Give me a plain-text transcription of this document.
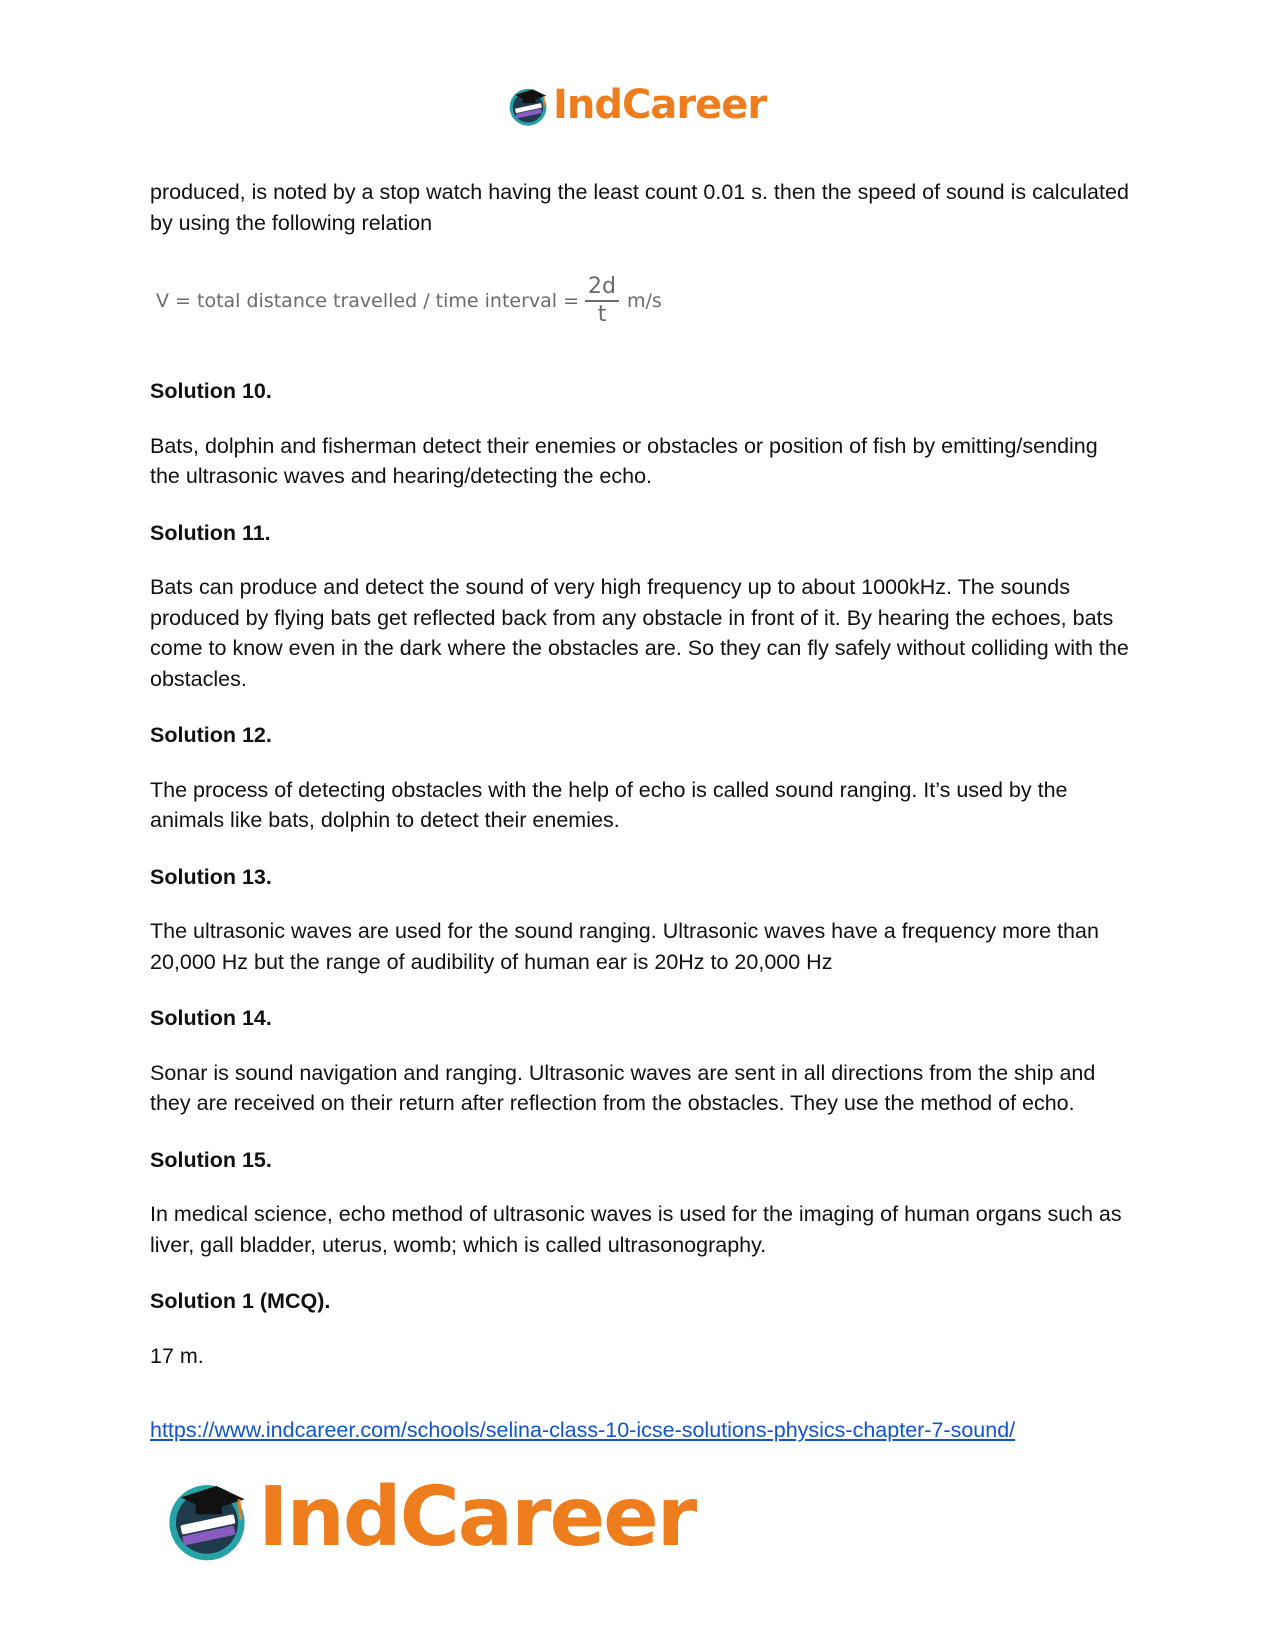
IndCareer

produced, is noted by a stop watch having the least count 0.01 s. then the speed of sound is calculated by using the following relation

V = total distance travelled / time interval = $\frac{2d}{t} m/s$

Solution 10.

Bats, dolphin and fisherman detect their enemies or obstacles or position of fish by emitting/sending the ultrasonic waves and hearing/detecting the echo.

Solution 11.

Bats can produce and detect the sound of very high frequency up to about 1000kHz. The sounds produced by flying bats get reflected back from any obstacle in front of it. By hearing the echoes, bats come to know even in the dark where the obstacles are. So they can fly safely without colliding with the obstacles.

Solution 12.

The process of detecting obstacles with the help of echo is called sound ranging. It’s used by the animals like bats, dolphin to detect their enemies.

Solution 13.

The ultrasonic waves are used for the sound ranging. Ultrasonic waves have a frequency more than 20,000 Hz but the range of audibility of human ear is 20Hz to 20,000 Hz

Solution 14.

Sonar is sound navigation and ranging. Ultrasonic waves are sent in all directions from the ship and they are received on their return after reflection from the obstacles. They use the method of echo.

Solution 15.

In medical science, echo method of ultrasonic waves is used for the imaging of human organs such as liver, gall bladder, uterus, womb; which is called ultrasonography.

Solution 1 (MCQ).

17 m.

https://www.indcareer.com/schools/selina-class-10-icse-solutions-physics-chapter-7-sound/
IndCareer
